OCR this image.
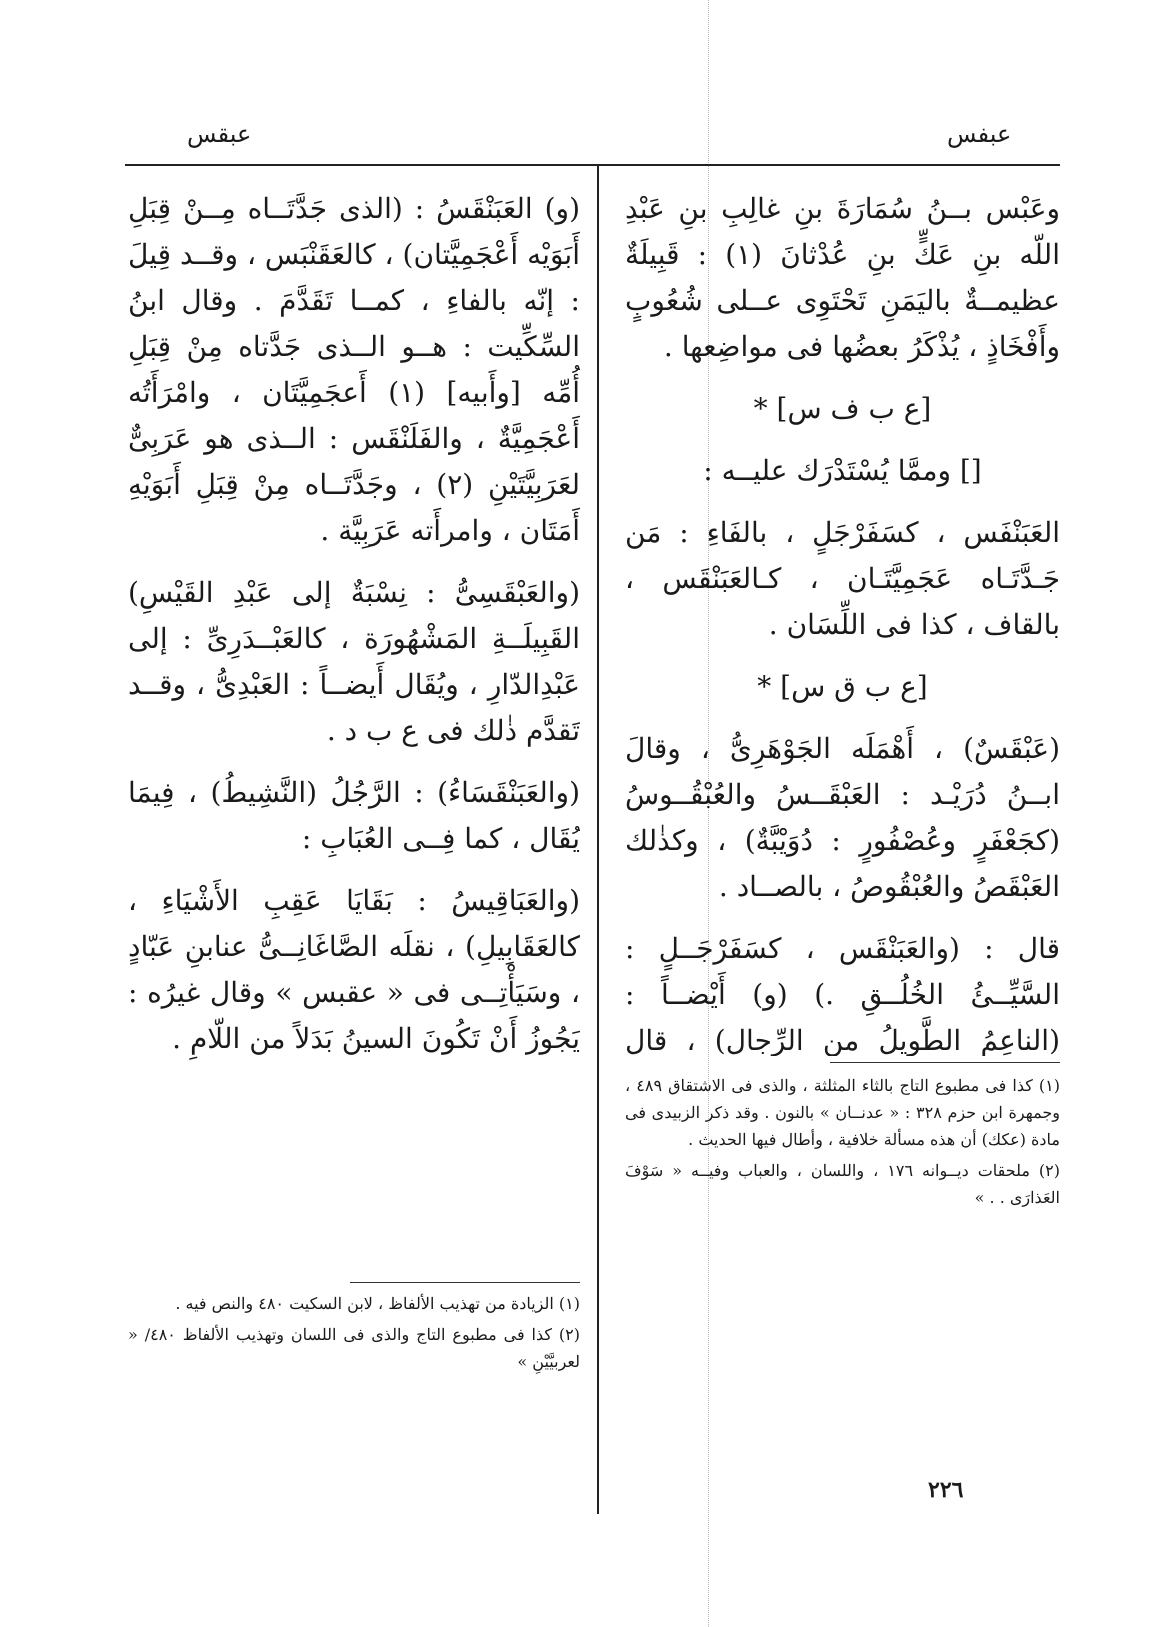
عبفس
عبقس

وعَبْس بــنُ سُمَارَةَ بنِ غالِبِ بنِ عَبْدِ اللّه بنِ عَكٍّ بنِ عُدْثانَ (١) : قَبِيلَةٌ عظيمــةٌ باليَمَنِ تَحْتَوِى عــلى شُعُوبٍ وأَفْخَاذٍ ، يُذْكَرُ بعضُها فى مواضِعها .

[ع ب ف س] *

[] وممَّا يُسْتَدْرَك عليــه :

العَبَنْفَس ، كسَفَرْجَلٍ ، بالفَاءِ : مَن جَـدَّتَـاه عَجَمِيَّتَـان ، كـالعَبَنْقَس ، بالقاف ، كذا فى اللِّسَان .

[ع ب ق س] *

(عَبْقَسٌ) ، أَهْمَلَه الجَوْهَرِىُّ ، وقالَ ابــنُ دُرَيْـد : العَبْقَــسُ والعُبْقُــوسُ (كجَعْفَرٍ وعُصْفُورٍ : دُوَيْبَّةٌ) ، وكذٰلك العَبْقَصُ والعُبْقُوصُ ، بالصــاد .

قال : (والعَبَنْقَس ، كسَفَرْجَــلٍ : السَّيِّــئُ الخُلُــقِ .) (و) أَيْضــاً : (الناعِمُ الطَّوِيلُ من الرِّجالِ) ، قال

(١) كذا فى مطبوع التاج بالثاء المثلثة ، والذى فى الاشتقاق ٤٨٩ ، وجمهرة ابن حزم ٣٢٨ : « عدنــان » بالنون . وقد ذكر الزبيدى فى مادة (عكك) أن هذه مسألة خلافية ، وأطال فيها الحديث .

(٢) ملحقات ديــوانه ١٧٦ ، واللسان ، والعباب وفيــه « سَوْفَ العَذارَى . . »

(و) العَبَنْقَسُ : (الذى جَدَّتَــاه مِــنْ قِبَلِ أَبَوَيْه أَعْجَمِيَّتان) ، كالعَقَنْبَس ، وقــد قِيلَ : إنّه بالفاءِ ، كمــا تَقَدَّمَ . وقال ابنُ السِّكِّيت : هــو الــذى جَدَّتاه مِنْ قِبَلِ أُمِّه [وأَبيه] (١) أَعجَمِيَّتَان ، وامْرَأَتُه أَعْجَمِيَّةٌ ، والفَلَنْقَس : الــذى هو عَرَبِىٌّ لعَرَبِيَّتَيْنِ (٢) ، وجَدَّتَــاه مِنْ قِبَلِ أَبَوَيْهِ أَمَتَان ، وامرأَته عَرَبِيَّة .

(والعَبْقَسِىُّ : نِسْبَةٌ إلى عَبْدِ القَيْسِ) القَبِيلَــةِ المَشْهُورَة ، كالعَبْــدَرِىِّ : إلى عَبْدِالدّارِ ، ويُقَال أَيضــاً : العَبْدِىُّ ، وقــد تَقدَّم ذٰلك فى ع ب د .

(والعَبَنْقَسَاءُ) : الرَّجُلُ (النَّشِيطُ) ، فِيمَا يُقَال ، كما فِــى العُبَابِ :

(والعَبَاقِيسُ : بَقَايَا عَقِبِ الأَشْيَاءِ ، كالعَقَابِيلِ) ، نقلَه الصَّاغَانِــىُّ عنابنِ عَبّادٍ ، وسَيَأْتِــى فى « عقبس » وقال غيرُه : يَجُوزُ أَنْ تَكُونَ السينُ بَدَلاً من اللّامِ .

(١) الزيادة من تهذيب الألفاظ ، لابن السكيت ٤٨٠ والنص فيه .

(٢) كذا فى مطبوع التاج والذى فى اللسان وتهذيب الألفاظ ٤٨٠/ « لعربيَّيْنِ »

٢٢٦
